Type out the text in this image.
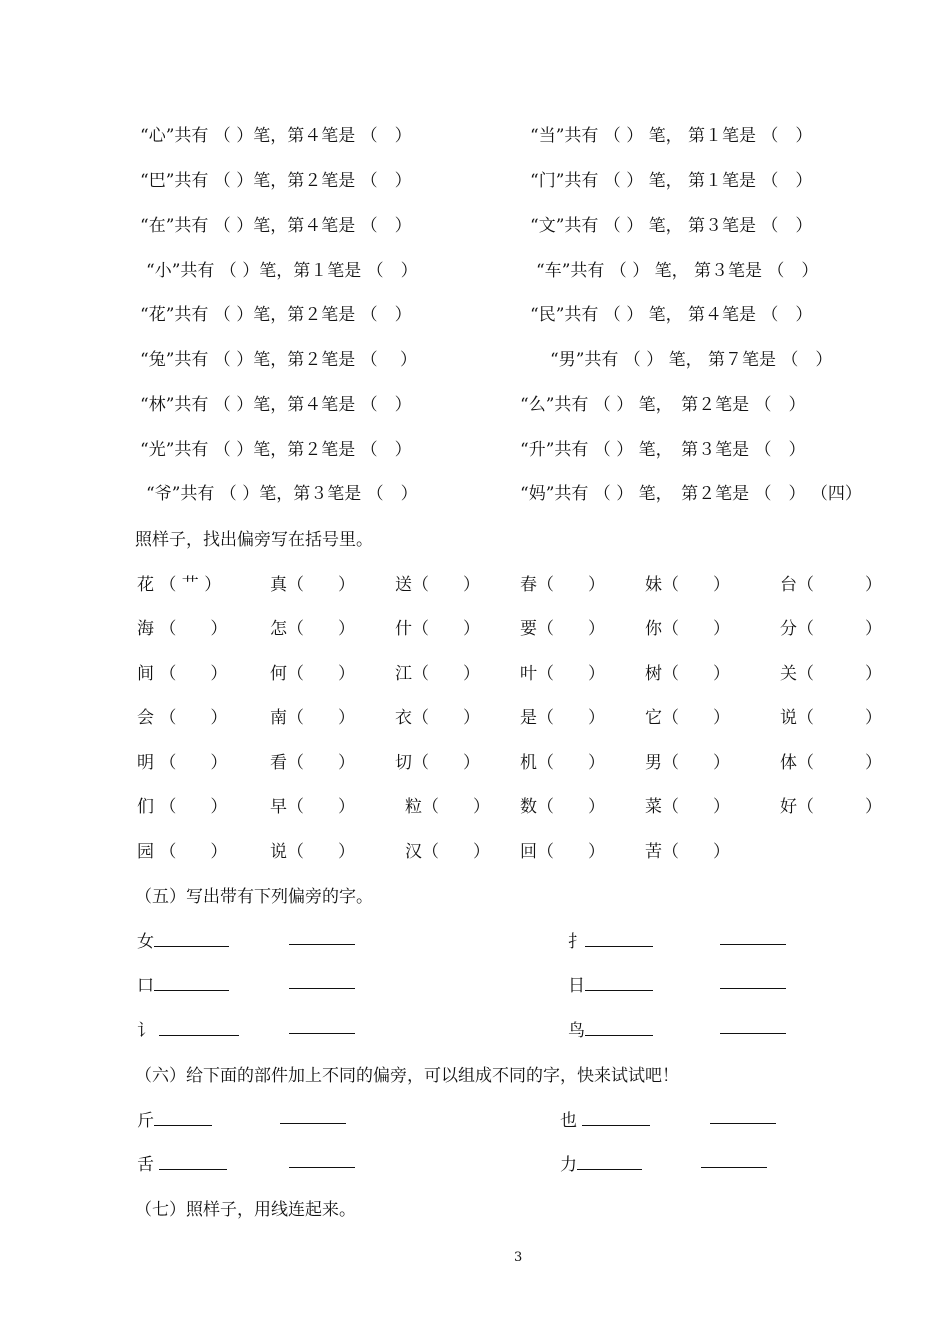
“心”共有 （ ）笔，第４笔是 （　）	“当”共有 （ ） 笔， 第１笔是 （　）
“巴”共有 （ ）笔，第２笔是 （　）	“门”共有 （ ） 笔， 第１笔是 （　）
“在”共有 （ ）笔，第４笔是 （　）	“文”共有 （ ） 笔， 第３笔是 （　）
“小”共有 （ ）笔，第１笔是 （　）	“车”共有 （ ） 笔， 第３笔是 （　）
“花”共有 （ ）笔，第２笔是 （　）	“民”共有 （ ） 笔， 第４笔是 （　）
“兔”共有 （ ）笔，第２笔是 （　 ）	“男”共有 （ ） 笔， 第７笔是 （　）
“林”共有 （ ）笔，第４笔是 （　）	“么”共有 （ ） 笔，　第２笔是 （　）
“光”共有 （ ）笔，第２笔是 （　）	“升”共有 （ ） 笔，　第３笔是 （　）
“爷”共有 （ ）笔，第３笔是 （　）	“妈”共有 （ ） 笔，　第２笔是 （　） （四）
照样子，找出偏旁写在括号里。
花 （ 艹 ）	真（　　） 送（　　） 春（　　） 妹（　　）	台（　　　）
海 （　　）	怎（　　） 什（　　） 要（　　） 你（　　）	分（　　　）
间 （　　）	何（　　） 江（　　） 叶（　　） 树（　　）	关（　　　）
会 （　　）	南（　　） 衣（　　） 是（　　） 它（　　）	说（　　　）
明 （　　）	看（　　） 切（　　） 机（　　） 男（　　）	体（　　　）
们 （　　）	早（　　）	粒（　　） 数（　　） 菜（　　）	好（　　　）
园 （　　）	说（　　）	汉（　　） 回（　　） 苦（　　）
（五）写出带有下列偏旁的字。
女	扌
口	日
讠	鸟
（六）给下面的部件加上不同的偏旁，可以组成不同的字，快来试试吧！
斤	也
舌	力
（七）照样子，用线连起来。
3
